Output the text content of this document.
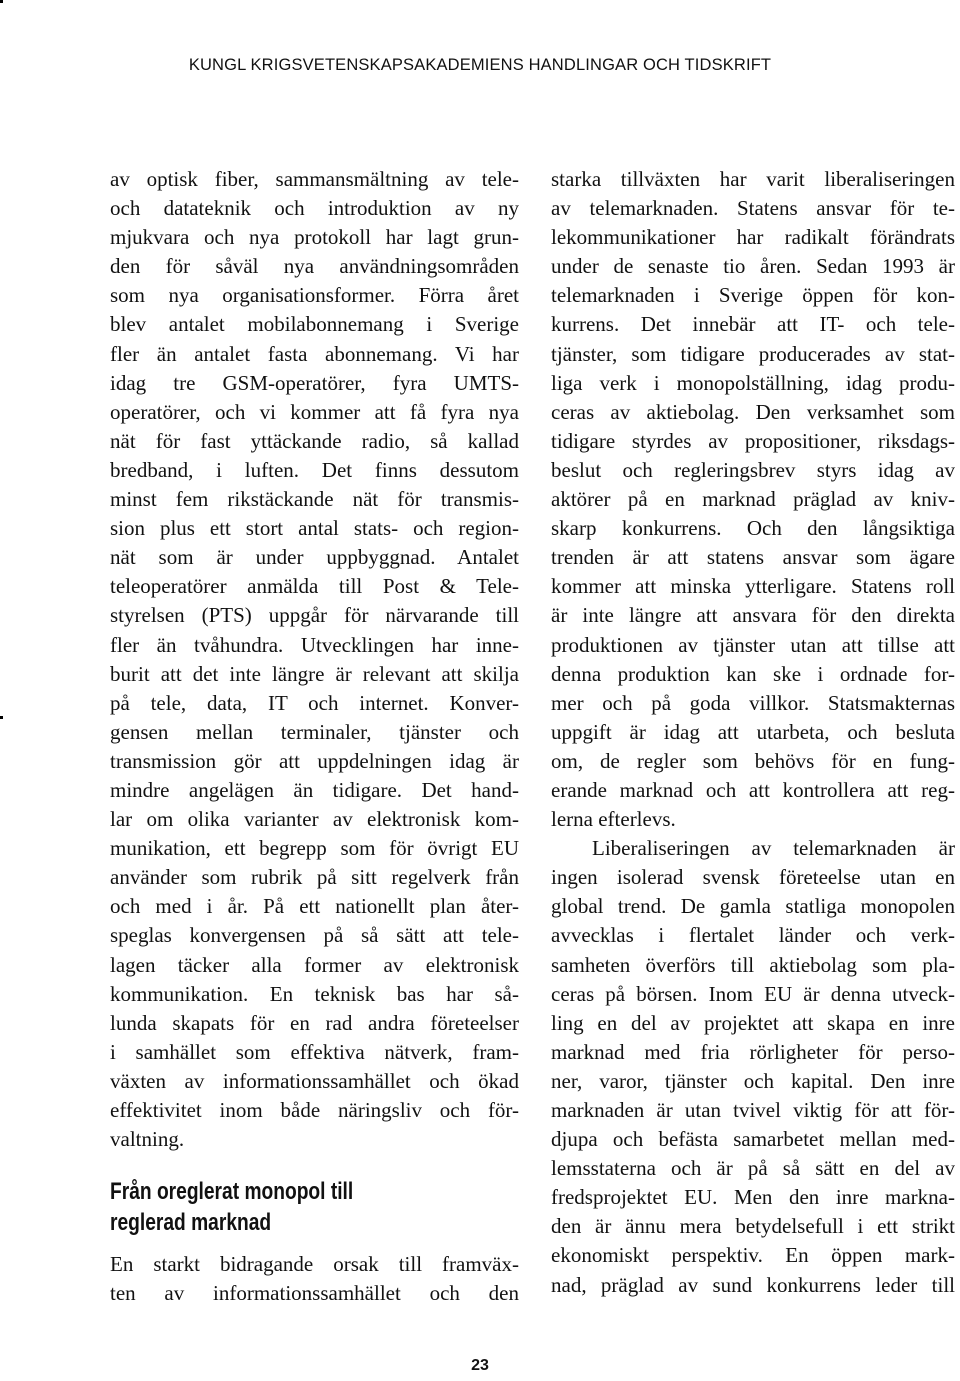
KUNGL KRIGSVETENSKAPSAKADEMIENS HANDLINGAR OCH TIDSKRIFT
av optisk fiber, sammansmältning av tele-
och datateknik och introduktion av ny
mjukvara och nya protokoll har lagt grun-
den för såväl nya användningsområden
som nya organisationsformer. Förra året
blev antalet mobilabonnemang i Sverige
fler än antalet fasta abonnemang. Vi har
idag tre GSM-operatörer, fyra UMTS-
operatörer, och vi kommer att få fyra nya
nät för fast yttäckande radio, så kallad
bredband, i luften. Det finns dessutom
minst fem rikstäckande nät för transmis-
sion plus ett stort antal stats- och region-
nät som är under uppbyggnad. Antalet
teleoperatörer anmälda till Post & Tele-
styrelsen (PTS) uppgår för närvarande till
fler än tvåhundra. Utvecklingen har inne-
burit att det inte längre är relevant att skilja
på tele, data, IT och internet. Konver-
gensen mellan terminaler, tjänster och
transmission gör att uppdelningen idag är
mindre angelägen än tidigare. Det hand-
lar om olika varianter av elektronisk kom-
munikation, ett begrepp som för övrigt EU
använder som rubrik på sitt regelverk från
och med i år. På ett nationellt plan åter-
speglas konvergensen på så sätt att tele-
lagen täcker alla former av elektronisk
kommunikation. En teknisk bas har så-
lunda skapats för en rad andra företeelser
i samhället som effektiva nätverk, fram-
växten av informationssamhället och ökad
effektivitet inom både näringsliv och för-
valtning.
Från oreglerat monopol till
reglerad marknad
En starkt bidragande orsak till framväx-
ten av informationssamhället och den
starka tillväxten har varit liberaliseringen
av telemarknaden. Statens ansvar för te-
lekommunikationer har radikalt förändrats
under de senaste tio åren. Sedan 1993 är
telemarknaden i Sverige öppen för kon-
kurrens. Det innebär att IT- och tele-
tjänster, som tidigare producerades av stat-
liga verk i monopolställning, idag produ-
ceras av aktiebolag. Den verksamhet som
tidigare styrdes av propositioner, riksdags-
beslut och regleringsbrev styrs idag av
aktörer på en marknad präglad av kniv-
skarp konkurrens. Och den långsiktiga
trenden är att statens ansvar som ägare
kommer att minska ytterligare. Statens roll
är inte längre att ansvara för den direkta
produktionen av tjänster utan att tillse att
denna produktion kan ske i ordnade for-
mer och på goda villkor. Statsmakternas
uppgift är idag att utarbeta, och besluta
om, de regler som behövs för en fung-
erande marknad och att kontrollera att reg-
lerna efterlevs.
Liberaliseringen av telemarknaden är
ingen isolerad svensk företeelse utan en
global trend. De gamla statliga monopolen
avvecklas i flertalet länder och verk-
samheten överförs till aktiebolag som pla-
ceras på börsen. Inom EU är denna utveck-
ling en del av projektet att skapa en inre
marknad med fria rörligheter för perso-
ner, varor, tjänster och kapital. Den inre
marknaden är utan tvivel viktig för att för-
djupa och befästa samarbetet mellan med-
lemsstaterna och är på så sätt en del av
fredsprojektet EU. Men den inre markna-
den är ännu mera betydelsefull i ett strikt
ekonomiskt perspektiv. En öppen mark-
nad, präglad av sund konkurrens leder till
23
